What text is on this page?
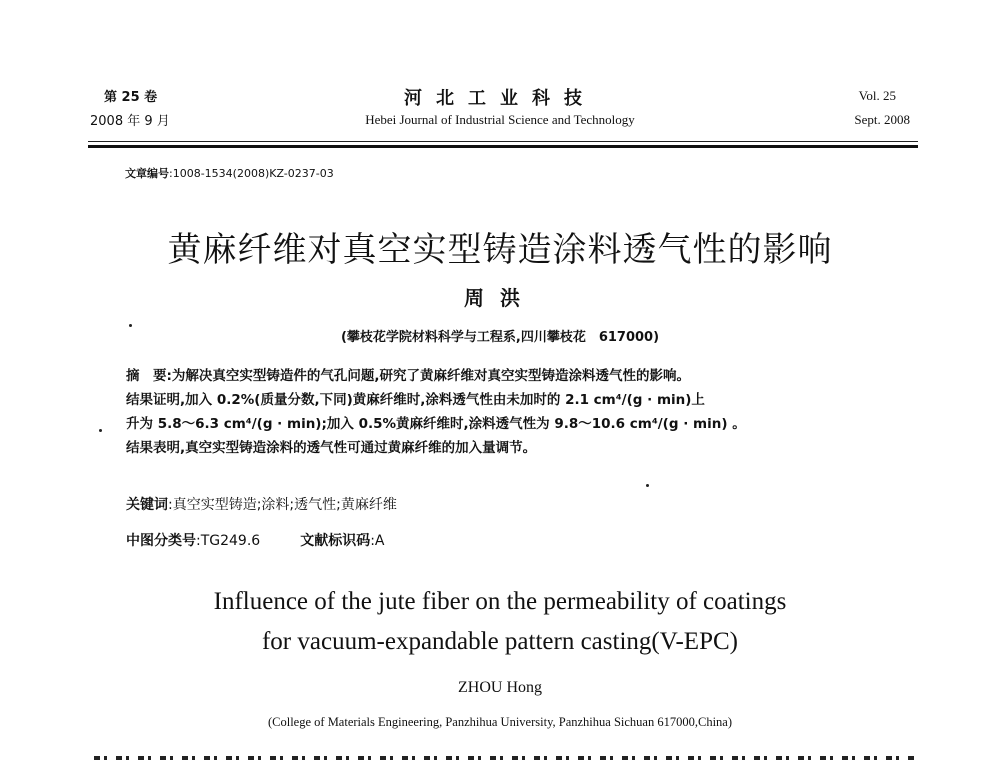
第 25 卷
2008 年 9 月
河北工业科技
Hebei Journal of Industrial Science and Technology
Vol. 25
Sept. 2008
文章编号:1008-1534(2008)KZ-0237-03
黄麻纤维对真空实型铸造涂料透气性的影响
周洪
(攀枝花学院材料科学与工程系,四川攀枝花　617000)
摘　要:为解决真空实型铸造件的气孔问题,研究了黄麻纤维对真空实型铸造涂料透气性的影响。
结果证明,加入 0.2%(质量分数,下同)黄麻纤维时,涂料透气性由未加时的 2.1 cm⁴/(g · min)上
升为 5.8～6.3 cm⁴/(g · min);加入 0.5%黄麻纤维时,涂料透气性为 9.8～10.6 cm⁴/(g · min) 。
结果表明,真空实型铸造涂料的透气性可通过黄麻纤维的加入量调节。
关键词:真空实型铸造;涂料;透气性;黄麻纤维
中图分类号:TG249.6	文献标识码:A
Influence of the jute fiber on the permeability of coatings
for vacuum-expandable pattern casting(V-EPC)
ZHOU Hong
(College of Materials Engineering, Panzhihua University, Panzhihua Sichuan 617000,China)
